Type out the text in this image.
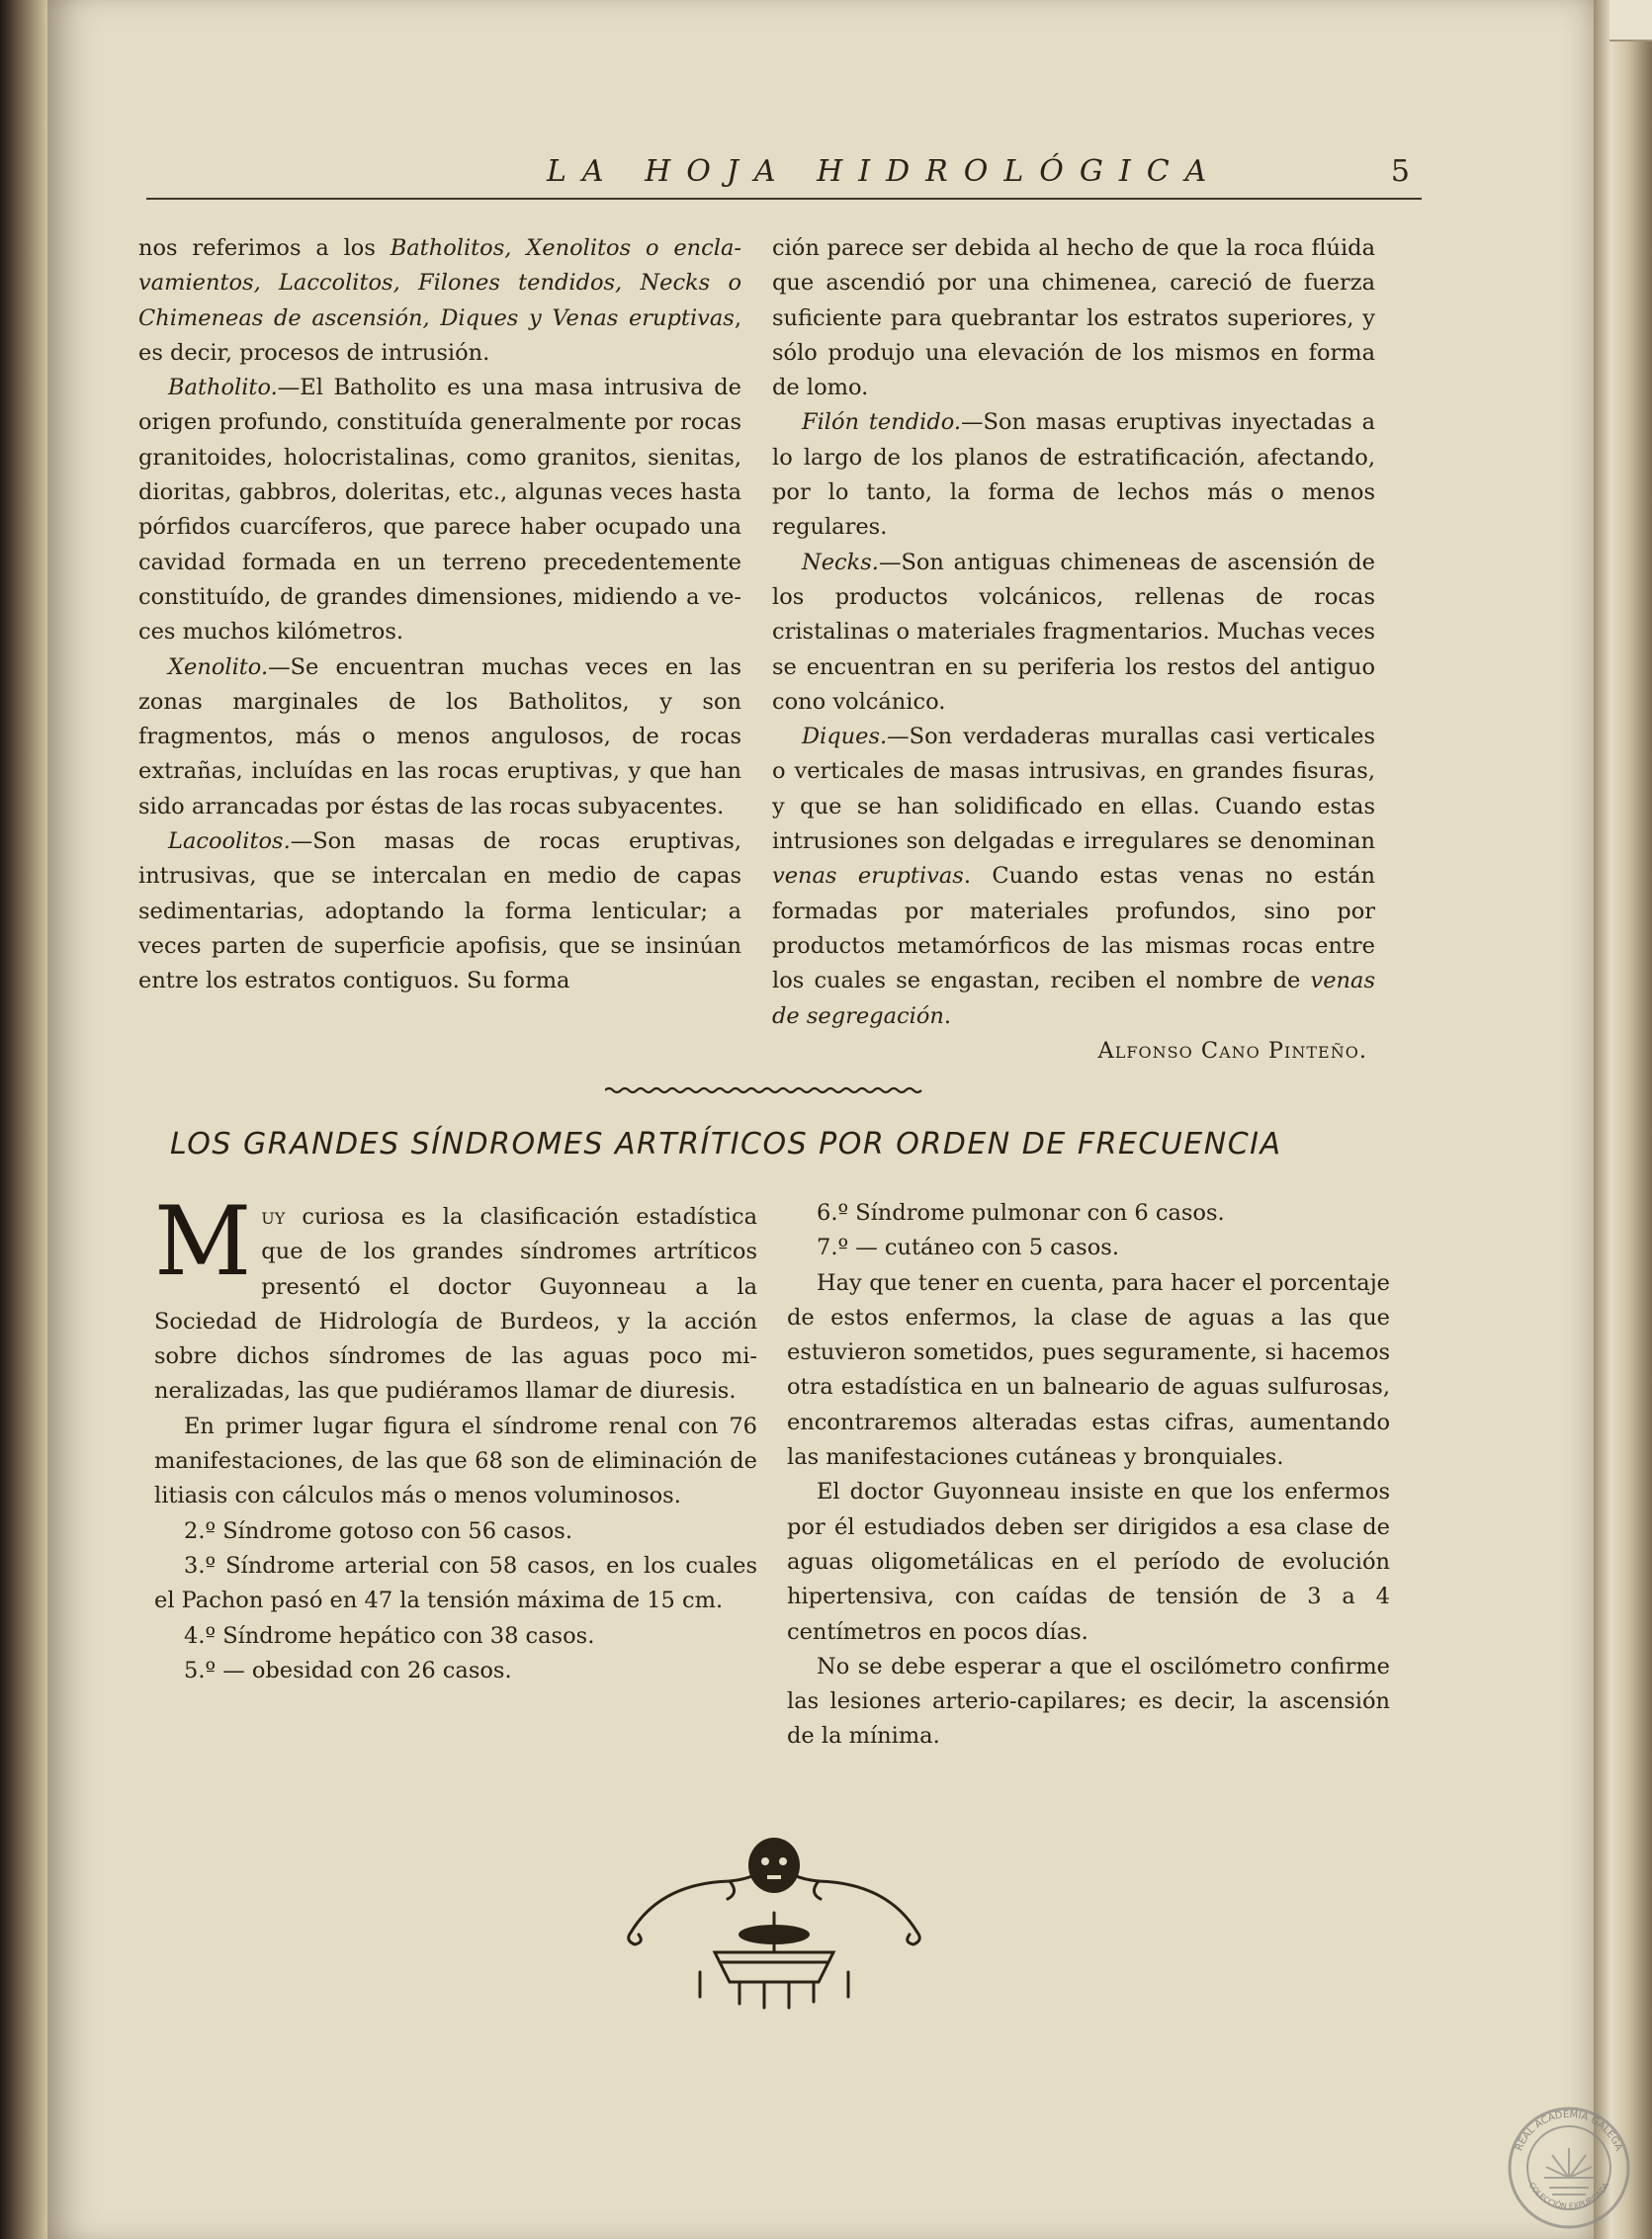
LA HOJA HIDROLÓGICA	5

nos referimos a los Batholitos, Xenolitos o enclavamientos, Laccolitos, Filones tendidos, Necks o Chimeneas de ascensión, Diques y Venas eruptivas, es decir, procesos de intrusión.

Batholito.—El Batholito es una masa intrusiva de origen profundo, constituída generalmente por rocas granitoides, holocristalinas, como granitos, sienitas, dioritas, gabbros, doleritas, etc., algunas veces hasta pórfidos cuarcíferos, que parece haber ocupado una cavidad formada en un terreno precedentemente constituído, de grandes dimensiones, midiendo a veces muchos kilómetros.

Xenolito.—Se encuentran muchas veces en las zonas marginales de los Batholitos, y son fragmentos, más o menos angulosos, de rocas extrañas, incluídas en las rocas eruptivas, y que han sido arrancadas por éstas de las rocas subyacentes.

Lacoolitos.—Son masas de rocas eruptivas, intrusivas, que se intercalan en medio de capas sedimentarias, adoptando la forma lenticular; a veces parten de superficie apofisis, que se insinúan entre los estratos contiguos. Su forma

ción parece ser debida al hecho de que la roca flúida que ascendió por una chimenea, careció de fuerza suficiente para quebrantar los estratos superiores, y sólo produjo una elevación de los mismos en forma de lomo.

Filón tendido.—Son masas eruptivas inyectadas a lo largo de los planos de estratificación, afectando, por lo tanto, la forma de lechos más o menos regulares.

Necks.—Son antiguas chimeneas de ascensión de los productos volcánicos, rellenas de rocas cristalinas o materiales fragmentarios. Muchas veces se encuentran en su periferia los restos del antiguo cono volcánico.

Diques.—Son verdaderas murallas casi verticales o verticales de masas intrusivas, en grandes fisuras, y que se han solidificado en ellas. Cuando estas intrusiones son delgadas e irregulares se denominan venas eruptivas. Cuando estas venas no están formadas por materiales profundos, sino por productos metamórficos de las mismas rocas entre los cuales se engastan, reciben el nombre de venas de segregación.

Alfonso Cano Pinteño.

LOS GRANDES SÍNDROMES ARTRÍTICOS POR ORDEN DE FRECUENCIA

Muy curiosa es la clasificación estadística que de los grandes síndromes artríticos presentó el doctor Guyonneau a la Sociedad de Hidrología de Burdeos, y la acción sobre dichos síndromes de las aguas poco mineralizadas, las que pudiéramos llamar de diuresis.

En primer lugar figura el síndrome renal con 76 manifestaciones, de las que 68 son de eliminación de litiasis con cálculos más o menos voluminosos.

2.º Síndrome gotoso con 56 casos.

3.º Síndrome arterial con 58 casos, en los cuales el Pachon pasó en 47 la tensión máxima de 15 cm.

4.º Síndrome hepático con 38 casos.

5.º — obesidad con 26 casos.

6.º Síndrome pulmonar con 6 casos.

7.º — cutáneo con 5 casos.

Hay que tener en cuenta, para hacer el porcentaje de estos enfermos, la clase de aguas a las que estuvieron sometidos, pues seguramente, si hacemos otra estadística en un balneario de aguas sulfurosas, encontraremos alteradas estas cifras, aumentando las manifestaciones cutáneas y bronquiales.

El doctor Guyonneau insiste en que los enfermos por él estudiados deben ser dirigidos a esa clase de aguas oligometálicas en el período de evolución hipertensiva, con caídas de tensión de 3 a 4 centímetros en pocos días.

No se debe esperar a que el oscilómetro confirme las lesiones arterio-capilares; es decir, la ascensión de la mínima.

REAL ACADEMIA GALEGA
COLECCIÓN EXPURGADA
